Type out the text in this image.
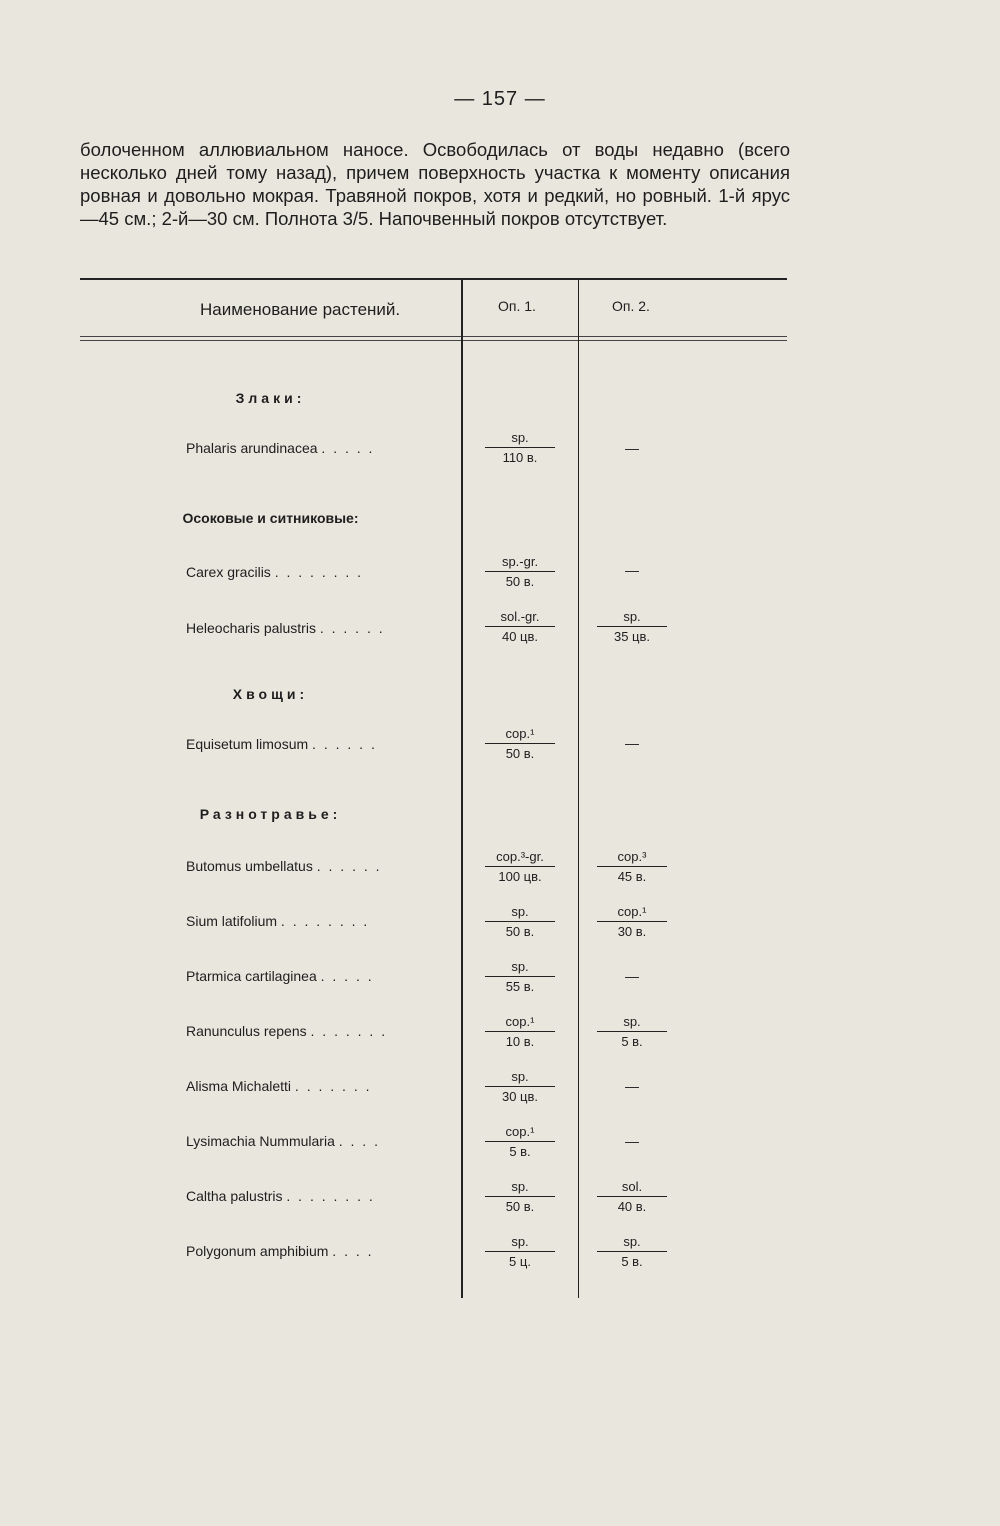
— 157 —

болоченном аллювиальном наносе. Освободилась от воды недавно (всего несколько дней тому назад), причем поверхность участка к моменту описания ровная и довольно мокрая. Травяной покров, хотя и редкий, но ровный. 1-й ярус—45 см.; 2-й—30 см. Полнота 3/5. Напочвенный покров отсутствует.

Наименование растений.	Оп. 1.	Оп. 2.
Злаки:
Phalaris arundinacea . . . . .
sp.
110 в.
—
Осоковые и ситниковые:
Carex gracilis . . . . . . . .
sp.-gr.
50 в.
—
Heleocharis palustris . . . . . .
sol.-gr.
40 цв.
sp.
35 цв.
Хвощи:
Equisetum limosum . . . . . .
cop.¹
50 в.
—
Разнотравье:
Butomus umbellatus . . . . . .
cop.³-gr.
100 цв.
cop.³
45 в.
Sium latifolium . . . . . . . .
sp.
50 в.
cop.¹
30 в.
Ptarmica cartilaginea . . . . .
sp.
55 в.
—
Ranunculus repens . . . . . . .
cop.¹
10 в.
sp.
5 в.
Alisma Michaletti . . . . . . .
sp.
30 цв.
—
Lysimachia Nummularia . . . .
cop.¹
5 в.
—
Caltha palustris . . . . . . . .
sp.
50 в.
sol.
40 в.
Polygonum amphibium . . . .
sp.
5 ц.
sp.
5 в.
